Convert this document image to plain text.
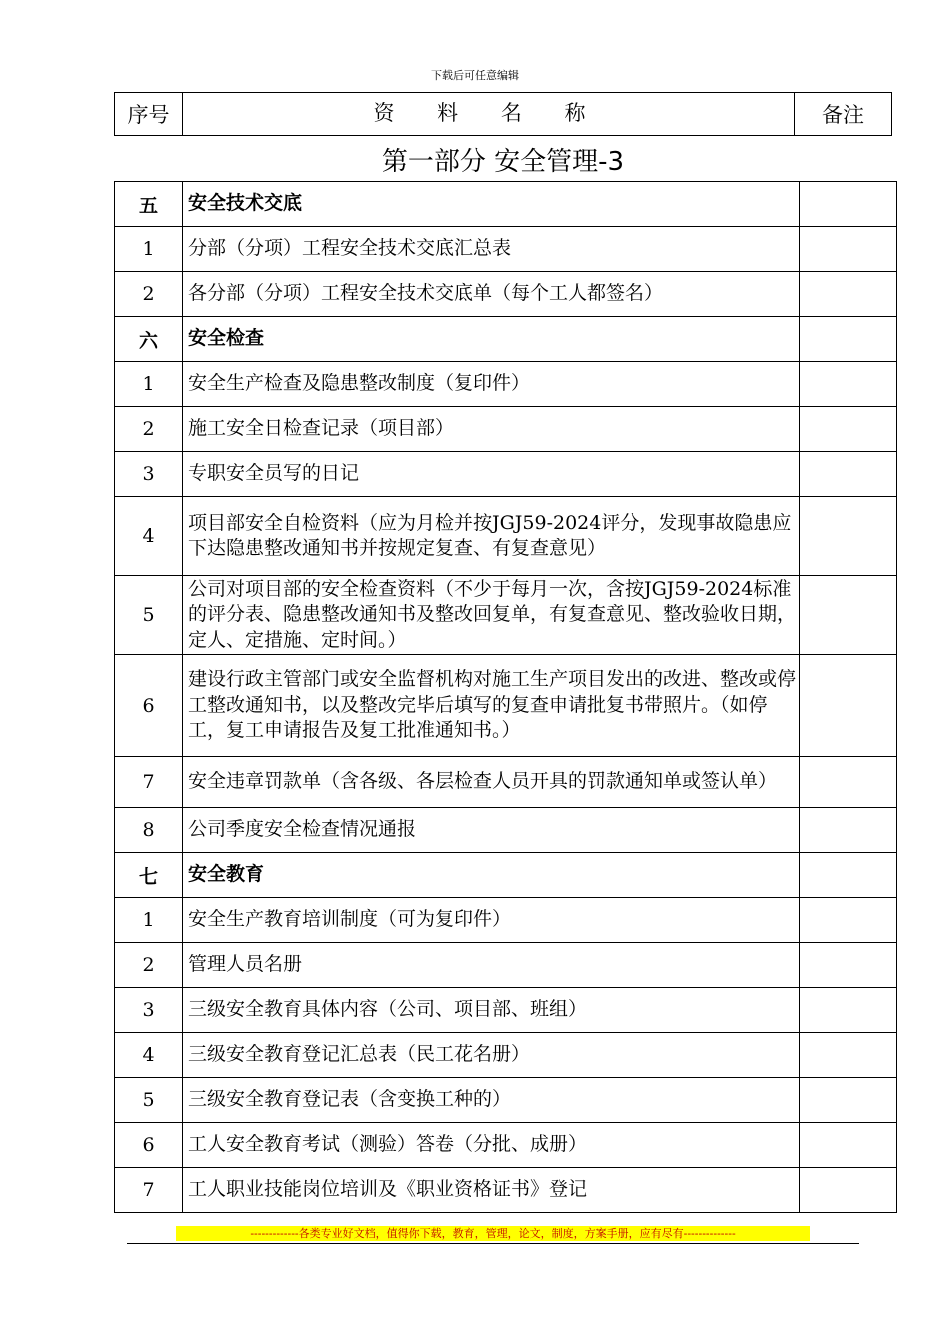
下载后可任意编辑
序号	资 料 名 称	备注
第一部分 安全管理-3
五	安全技术交底	
1	分部（分项）工程安全技术交底汇总表	
2	各分部（分项）工程安全技术交底单（每个工人都签名）	
六	安全检查	
1	安全生产检查及隐患整改制度（复印件）	
2	施工安全日检查记录（项目部）	
3	专职安全员写的日记	
4	项目部安全自检资料（应为月检并按JGJ59-2024评分，发现事故隐患应下达隐患整改通知书并按规定复查、有复查意见）	
5	公司对项目部的安全检查资料（不少于每月一次，含按JGJ59-2024标准的评分表、隐患整改通知书及整改回复单，有复查意见、整改验收日期，定人、定措施、定时间。）	
6	建设行政主管部门或安全监督机构对施工生产项目发出的改进、整改或停工整改通知书，以及整改完毕后填写的复查申请批复书带照片。（如停工，复工申请报告及复工批准通知书。）	
7	安全违章罚款单（含各级、各层检查人员开具的罚款通知单或签认单）	
8	公司季度安全检查情况通报	
七	安全教育	
1	安全生产教育培训制度（可为复印件）	
2	管理人员名册	
3	三级安全教育具体内容（公司、项目部、班组）	
4	三级安全教育登记汇总表（民工花名册）	
5	三级安全教育登记表（含变换工种的）	
6	工人安全教育考试（测验）答卷（分批、成册）	
7	工人职业技能岗位培训及《职业资格证书》登记	
-------------各类专业好文档，值得你下载，教育，管理，论文，制度，方案手册，应有尽有--------------
